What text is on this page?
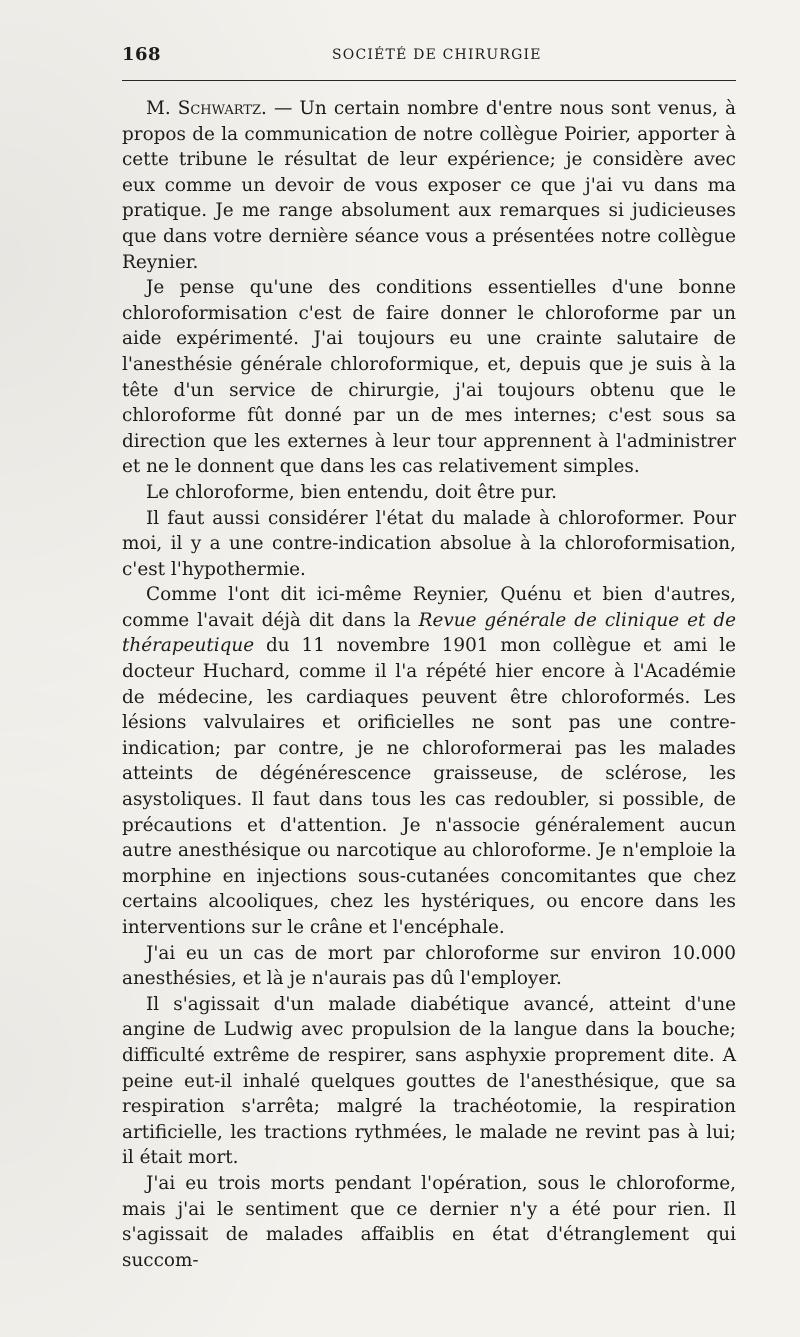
168	SOCIÉTÉ DE CHIRURGIE

M. Schwartz. — Un certain nombre d'entre nous sont venus, à propos de la communication de notre collègue Poirier, apporter à cette tribune le résultat de leur expérience; je considère avec eux comme un devoir de vous exposer ce que j'ai vu dans ma pratique. Je me range absolument aux remarques si judicieuses que dans votre dernière séance vous a présentées notre collègue Reynier.

Je pense qu'une des conditions essentielles d'une bonne chloroformisation c'est de faire donner le chloroforme par un aide expérimenté. J'ai toujours eu une crainte salutaire de l'anesthésie générale chloroformique, et, depuis que je suis à la tête d'un service de chirurgie, j'ai toujours obtenu que le chloroforme fût donné par un de mes internes; c'est sous sa direction que les externes à leur tour apprennent à l'administrer et ne le donnent que dans les cas relativement simples.

Le chloroforme, bien entendu, doit être pur.

Il faut aussi considérer l'état du malade à chloroformer. Pour moi, il y a une contre-indication absolue à la chloroformisation, c'est l'hypothermie.

Comme l'ont dit ici-même Reynier, Quénu et bien d'autres, comme l'avait déjà dit dans la Revue générale de clinique et de thérapeutique du 11 novembre 1901 mon collègue et ami le docteur Huchard, comme il l'a répété hier encore à l'Académie de médecine, les cardiaques peuvent être chloroformés. Les lésions valvulaires et orificielles ne sont pas une contre-indication; par contre, je ne chloroformerai pas les malades atteints de dégénérescence graisseuse, de sclérose, les asystoliques. Il faut dans tous les cas redoubler, si possible, de précautions et d'attention. Je n'associe généralement aucun autre anesthésique ou narcotique au chloroforme. Je n'emploie la morphine en injections sous-cutanées concomitantes que chez certains alcooliques, chez les hystériques, ou encore dans les interventions sur le crâne et l'encéphale.

J'ai eu un cas de mort par chloroforme sur environ 10.000 anesthésies, et là je n'aurais pas dû l'employer.

Il s'agissait d'un malade diabétique avancé, atteint d'une angine de Ludwig avec propulsion de la langue dans la bouche; difficulté extrême de respirer, sans asphyxie proprement dite. A peine eut-il inhalé quelques gouttes de l'anesthésique, que sa respiration s'arrêta; malgré la trachéotomie, la respiration artificielle, les tractions rythmées, le malade ne revint pas à lui; il était mort.

J'ai eu trois morts pendant l'opération, sous le chloroforme, mais j'ai le sentiment que ce dernier n'y a été pour rien. Il s'agissait de malades affaiblis en état d'étranglement qui succom-
